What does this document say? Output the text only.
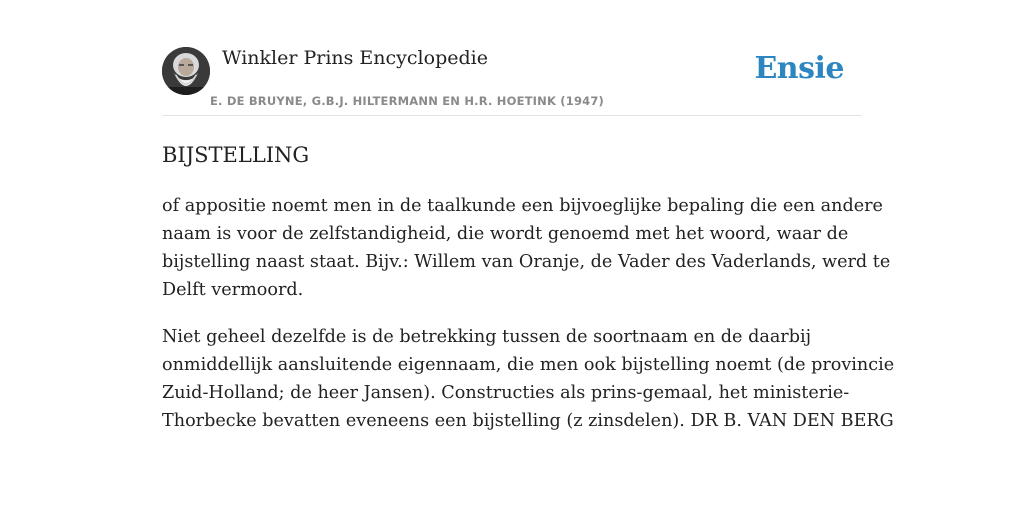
Winkler Prins Encyclopedie
E. DE BRUYNE, G.B.J. HILTERMANN EN H.R. HOETINK (1947)
Ensie
BIJSTELLING

of appositie noemt men in de taalkunde een bijvoeglijke bepaling die een andere
naam is voor de zelfstandigheid, die wordt genoemd met het woord, waar de
bijstelling naast staat. Bijv.: Willem van Oranje, de Vader des Vaderlands, werd te
Delft vermoord.

Niet geheel dezelfde is de betrekking tussen de soortnaam en de daarbij
onmiddellijk aansluitende eigennaam, die men ook bijstelling noemt (de provincie
Zuid-Holland; de heer Jansen). Constructies als prins-gemaal, het ministerie-
Thorbecke bevatten eveneens een bijstelling (z zinsdelen). DR B. VAN DEN BERG
